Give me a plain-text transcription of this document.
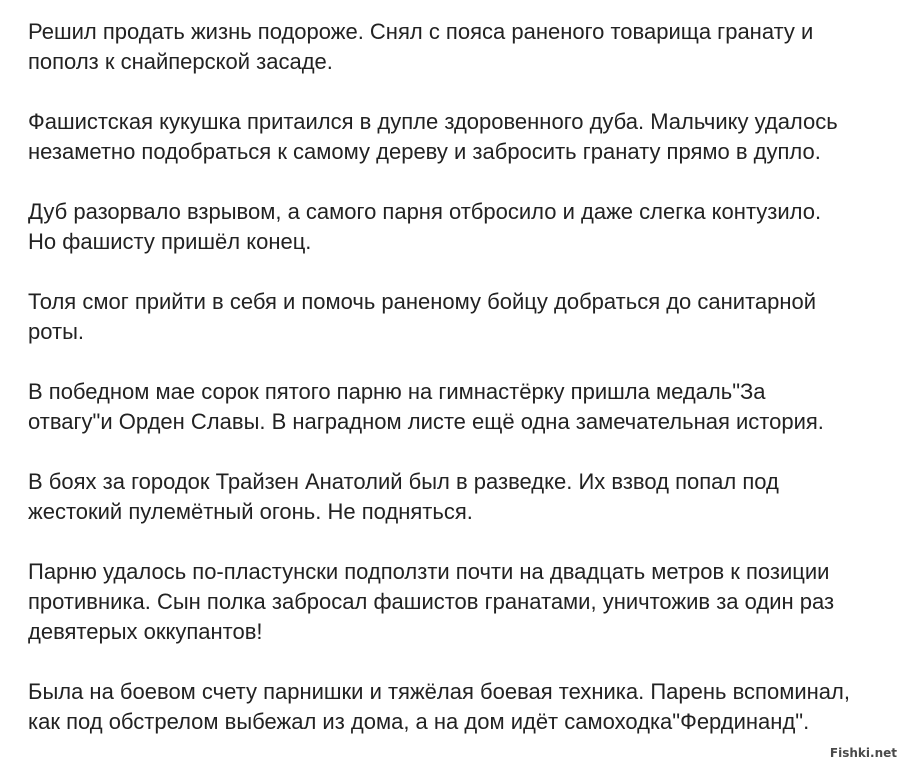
Решил продать жизнь подороже. Снял с пояса раненого товарища гранату и
пополз к снайперской засаде.

Фашистская кукушка притаился в дупле здоровенного дуба. Мальчику удалось
незаметно подобраться к самому дереву и забросить гранату прямо в дупло.

Дуб разорвало взрывом, а самого парня отбросило и даже слегка контузило.
Но фашисту пришёл конец.

Толя смог прийти в себя и помочь раненому бойцу добраться до санитарной
роты.

В победном мае сорок пятого парню на гимнастёрку пришла медаль"За
отвагу"и Орден Славы. В наградном листе ещё одна замечательная история.

В боях за городок Трайзен Анатолий был в разведке. Их взвод попал под
жестокий пулемётный огонь. Не подняться.

Парню удалось по-пластунски подползти почти на двадцать метров к позиции
противника. Сын полка забросал фашистов гранатами, уничтожив за один раз
девятерых оккупантов!

Была на боевом счету парнишки и тяжёлая боевая техника. Парень вспоминал,
как под обстрелом выбежал из дома, а на дом идёт самоходка"Фердинанд".

Fishki.net
